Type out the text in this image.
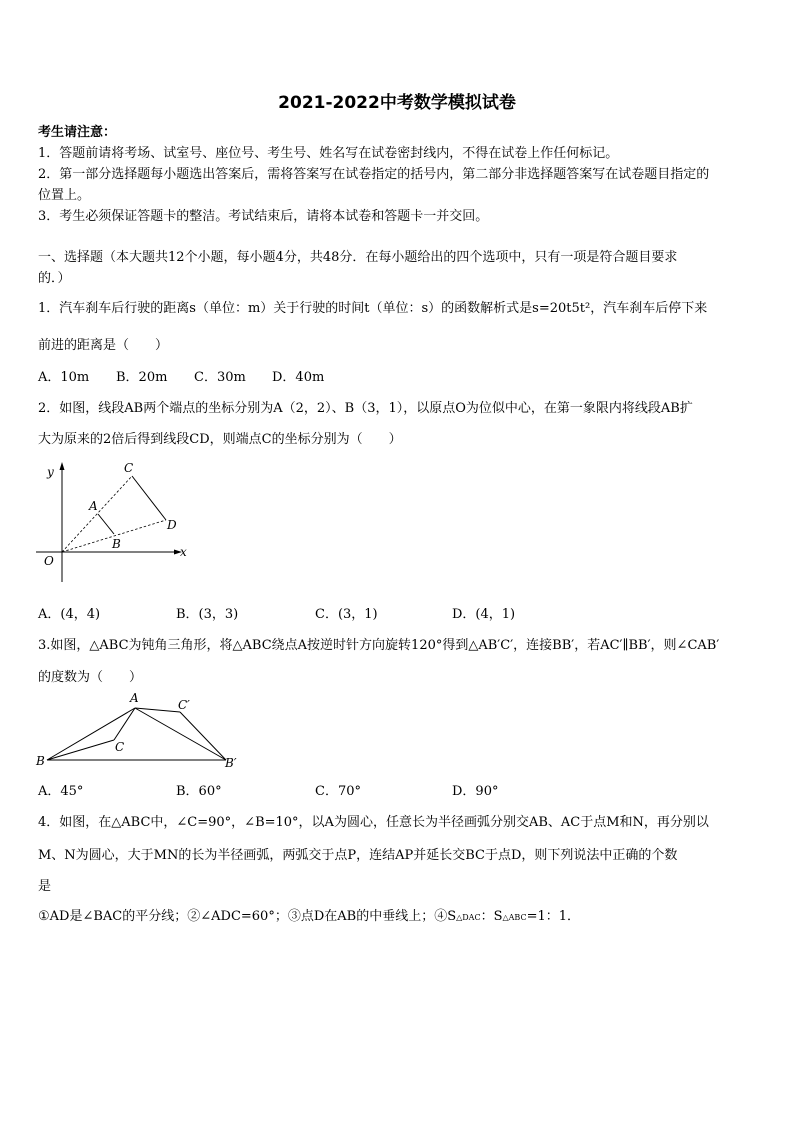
2021-2022中考数学模拟试卷
考生请注意：
1．答题前请将考场、试室号、座位号、考生号、姓名写在试卷密封线内，不得在试卷上作任何标记。
2．第一部分选择题每小题选出答案后，需将答案写在试卷指定的括号内，第二部分非选择题答案写在试卷题目指定的
位置上。
3．考生必须保证答题卡的整洁。考试结束后，请将本试卷和答题卡一并交回。
一、选择题（本大题共12个小题，每小题4分，共48分．在每小题给出的四个选项中，只有一项是符合题目要求
的．）
1．汽车刹车后行驶的距离s（单位：m）关于行驶的时间t（单位：s）的函数解析式是s=20t5t²，汽车刹车后停下来
前进的距离是（　　）
A．10m B．20m C．30m D．40m
2．如图，线段AB两个端点的坐标分别为A（2，2）、B（3，1），以原点O为位似中心，在第一象限内将线段AB扩
大为原来的2倍后得到线段CD，则端点C的坐标分别为（　　）
y
x
O
A
B
C
D
A．(4，4)	B．(3，3)	C．(3，1)	D．(4，1)
3.如图，△ABC为钝角三角形，将△ABC绕点A按逆时针方向旋转120°得到△AB′C′，连接BB′，若AC′∥BB′，则∠CAB′
的度数为（　　）
A
B
C
C′
B′
A．45°	B．60°	C．70°	D．90°
4．如图，在△ABC中，∠C=90°，∠B=10°，以A为圆心，任意长为半径画弧分别交AB、AC于点M和N，再分别以
M、N为圆心，大于MN的长为半径画弧，两弧交于点P，连结AP并延长交BC于点D，则下列说法中正确的个数
是
①AD是∠BAC的平分线；②∠ADC=60°；③点D在AB的中垂线上；④S△DAC：S△ABC=1：1．
